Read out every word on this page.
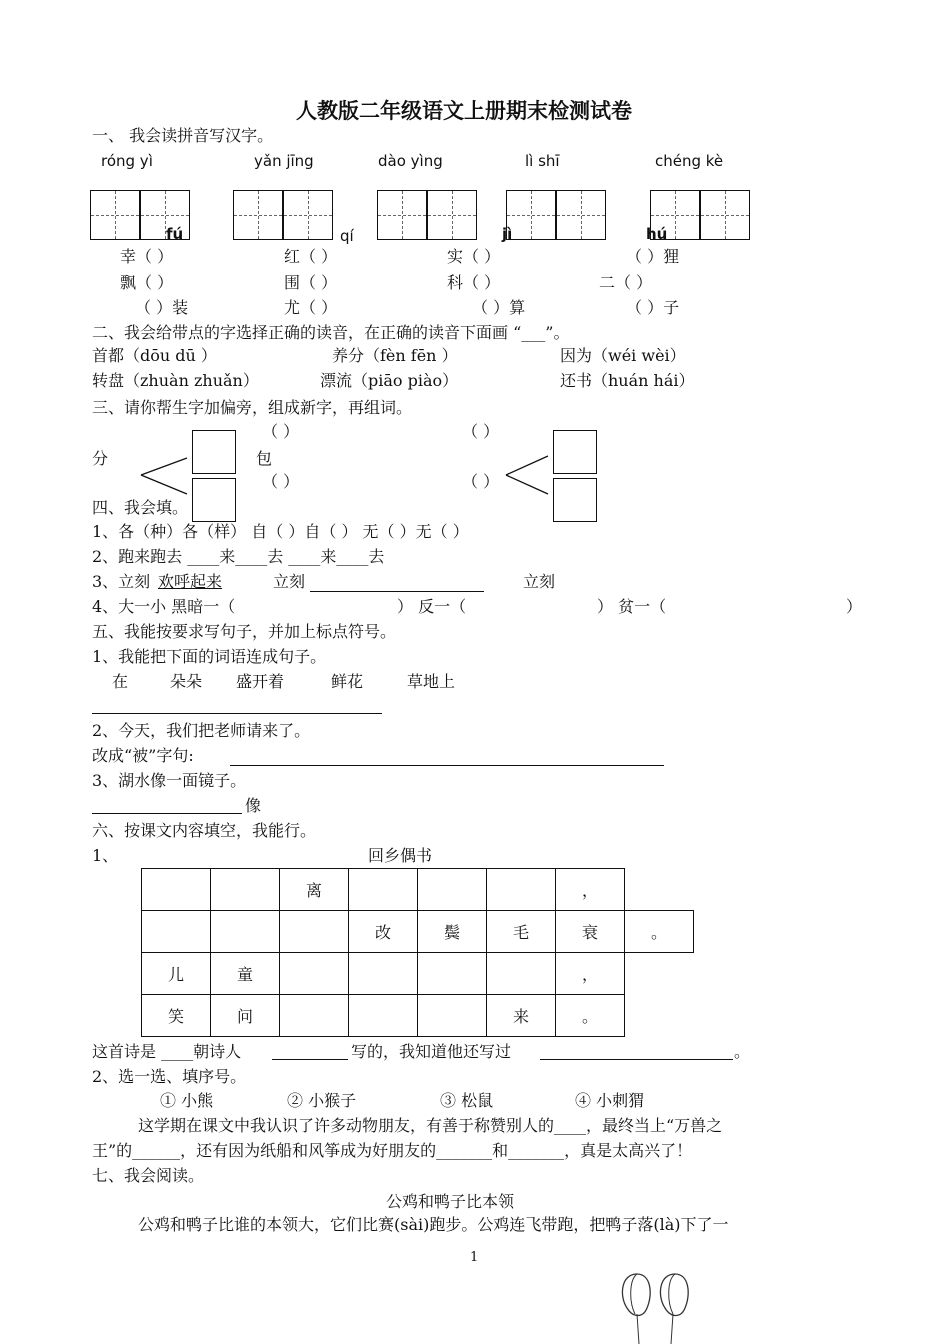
人教版二年级语文上册期末检测试卷
一、 我会读拼音写汉字。
róng yì	yǎn jīng	dào yìng	lì shī	chéng kè
fú	qí	jì	hú
幸（ ）	红（ ）	实（ ）	（ ）狸
飘（ ）	围（ ）	科（ ）	二（ ）
（ ）装	尤（ ）	（ ）算	（ ）子
二、我会给带点的字选择正确的读音，在正确的读音下面画 “___”。
首都（dōu dū ）	养分（fèn fēn ）	因为（wéi wèi）
转盘（zhuàn zhuǎn）	漂流（piāo piào）	还书（huán hái）
三、请你帮生字加偏旁，组成新字，再组词。
（ ）	（ ）
分	包
（ ）	（ ）
四、我会填。
1、各（种）各（样） 自（ ）自（ ） 无（ ）无（ ）
2、跑来跑去 ____来____去 ____来____去
3、立刻 欢呼起来	立刻	立刻
4、大一小 黑暗一（	） 反一（	） 贫一（	）
五、我能按要求写句子，并加上标点符号。
1、我能把下面的词语连成句子。
在	朵朵 盛开着	鲜花	草地上
2、今天，我们把老师请来了。
改成“被”字句:
3、湖水像一面镜子。
像
六、按课文内容填空，我能行。
1、	回乡偶书
		离				，	
			改	鬓	毛	衰	。
儿	童					，	
笑	问				来	。	
这首诗是 ____朝诗人	写的，我知道他还写过	。
2、选一选、填序号。
① 小熊	② 小猴子	③ 松鼠	④ 小刺猬
这学期在课文中我认识了许多动物朋友，有善于称赞别人的____，最终当上“万兽之
王”的______，还有因为纸船和风筝成为好朋友的_______和_______，真是太高兴了！
七、我会阅读。
公鸡和鸭子比本领
公鸡和鸭子比谁的本领大，它们比赛(sài)跑步。公鸡连飞带跑，把鸭子落(là)下了一
1
